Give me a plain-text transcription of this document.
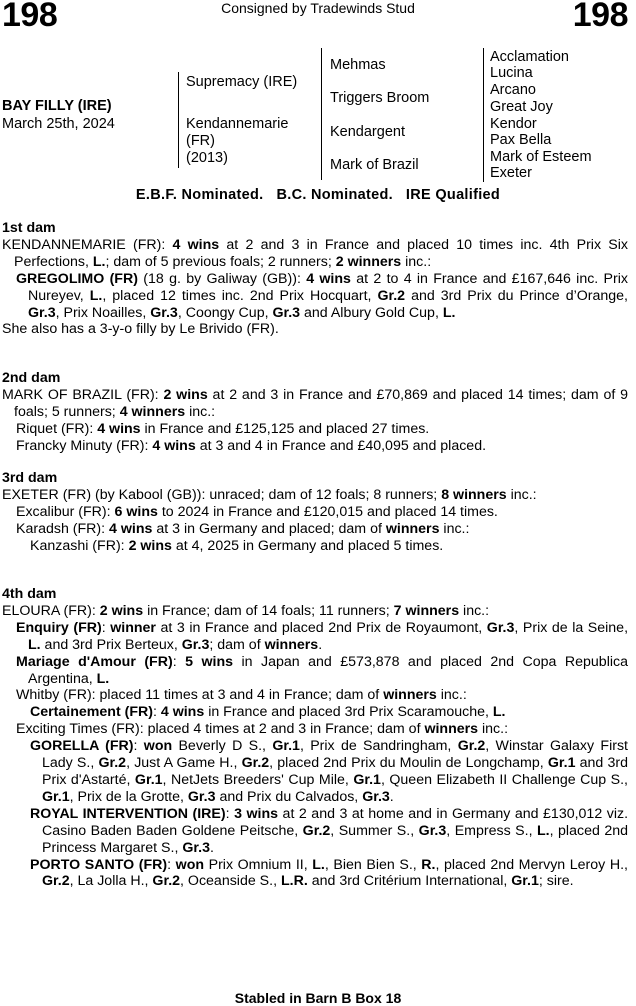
198	198
Consigned by Tradewinds Stud
BAY FILLY (IRE)
March 25th, 2024
Supremacy (IRE)
Kendannemarie
(FR)
(2013)
Mehmas
Triggers Broom
Kendargent
Mark of Brazil
Acclamation
Lucina
Arcano
Great Joy
Kendor
Pax Bella
Mark of Esteem
Exeter
E.B.F. Nominated.   B.C. Nominated.   IRE Qualified

1st dam

KENDANNEMARIE (FR): 4 wins at 2 and 3 in France and placed 10 times inc. 4th Prix Six Perfections, L.; dam of 5 previous foals; 2 runners; 2 winners inc.:

GREGOLIMO (FR) (18 g. by Galiway (GB)): 4 wins at 2 to 4 in France and £167,646 inc. Prix Nureyev, L., placed 12 times inc. 2nd Prix Hocquart, Gr.2 and 3rd Prix du Prince d’Orange, Gr.3, Prix Noailles, Gr.3, Coongy Cup, Gr.3 and Albury Gold Cup, L.

She also has a 3-y-o filly by Le Brivido (FR).

2nd dam

MARK OF BRAZIL (FR): 2 wins at 2 and 3 in France and £70,869 and placed 14 times; dam of 9 foals; 5 runners; 4 winners inc.:

Riquet (FR): 4 wins in France and £125,125 and placed 27 times.

Francky Minuty (FR): 4 wins at 3 and 4 in France and £40,095 and placed.

3rd dam

EXETER (FR) (by Kabool (GB)): unraced; dam of 12 foals; 8 runners; 8 winners inc.:

Excalibur (FR): 6 wins to 2024 in France and £120,015 and placed 14 times.

Karadsh (FR): 4 wins at 3 in Germany and placed; dam of winners inc.:

Kanzashi (FR): 2 wins at 4, 2025 in Germany and placed 5 times.

4th dam

ELOURA (FR): 2 wins in France; dam of 14 foals; 11 runners; 7 winners inc.:

Enquiry (FR): winner at 3 in France and placed 2nd Prix de Royaumont, Gr.3, Prix de la Seine, L. and 3rd Prix Berteux, Gr.3; dam of winners.

Mariage d'Amour (FR): 5 wins in Japan and £573,878 and placed 2nd Copa Republica Argentina, L.

Whitby (FR): placed 11 times at 3 and 4 in France; dam of winners inc.:

Certainement (FR): 4 wins in France and placed 3rd Prix Scaramouche, L.

Exciting Times (FR): placed 4 times at 2 and 3 in France; dam of winners inc.:

GORELLA (FR): won Beverly D S., Gr.1, Prix de Sandringham, Gr.2, Winstar Galaxy First Lady S., Gr.2, Just A Game H., Gr.2, placed 2nd Prix du Moulin de Longchamp, Gr.1 and 3rd Prix d'Astarté, Gr.1, NetJets Breeders' Cup Mile, Gr.1, Queen Elizabeth II Challenge Cup S., Gr.1, Prix de la Grotte, Gr.3 and Prix du Calvados, Gr.3.

ROYAL INTERVENTION (IRE): 3 wins at 2 and 3 at home and in Germany and £130,012 viz. Casino Baden Baden Goldene Peitsche, Gr.2, Summer S., Gr.3, Empress S., L., placed 2nd Princess Margaret S., Gr.3.

PORTO SANTO (FR): won Prix Omnium II, L., Bien Bien S., R., placed 2nd Mervyn Leroy H., Gr.2, La Jolla H., Gr.2, Oceanside S., L.R. and 3rd Critérium International, Gr.1; sire.

Stabled in Barn B Box 18
